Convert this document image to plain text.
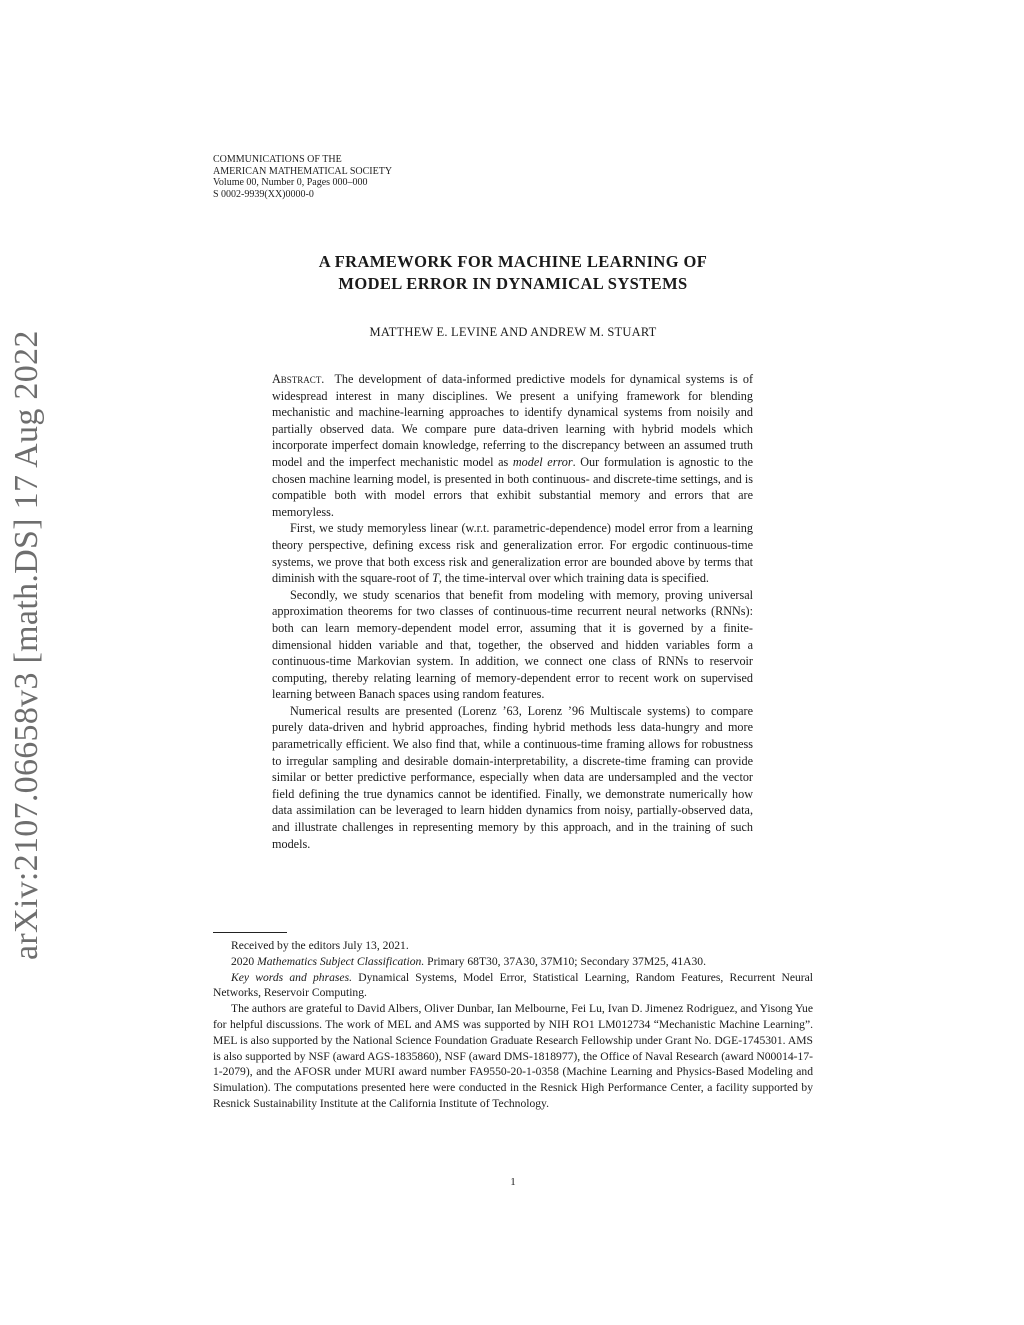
arXiv:2107.06658v3 [math.DS] 17 Aug 2022
COMMUNICATIONS OF THE
AMERICAN MATHEMATICAL SOCIETY
Volume 00, Number 0, Pages 000–000
S 0002-9939(XX)0000-0
A FRAMEWORK FOR MACHINE LEARNING OF
MODEL ERROR IN DYNAMICAL SYSTEMS
MATTHEW E. LEVINE AND ANDREW M. STUART

Abstract. The development of data-informed predictive models for dynamical systems is of widespread interest in many disciplines. We present a unifying framework for blending mechanistic and machine-learning approaches to identify dynamical systems from noisily and partially observed data. We compare pure data-driven learning with hybrid models which incorporate imperfect domain knowledge, referring to the discrepancy between an assumed truth model and the imperfect mechanistic model as model error. Our formulation is agnostic to the chosen machine learning model, is presented in both continuous- and discrete-time settings, and is compatible both with model errors that exhibit substantial memory and errors that are memoryless.

First, we study memoryless linear (w.r.t. parametric-dependence) model error from a learning theory perspective, defining excess risk and generalization error. For ergodic continuous-time systems, we prove that both excess risk and generalization error are bounded above by terms that diminish with the square-root of T, the time-interval over which training data is specified.

Secondly, we study scenarios that benefit from modeling with memory, proving universal approximation theorems for two classes of continuous-time recurrent neural networks (RNNs): both can learn memory-dependent model error, assuming that it is governed by a finite-dimensional hidden variable and that, together, the observed and hidden variables form a continuous-time Markovian system. In addition, we connect one class of RNNs to reservoir computing, thereby relating learning of memory-dependent error to recent work on supervised learning between Banach spaces using random features.

Numerical results are presented (Lorenz ’63, Lorenz ’96 Multiscale systems) to compare purely data-driven and hybrid approaches, finding hybrid methods less data-hungry and more parametrically efficient. We also find that, while a continuous-time framing allows for robustness to irregular sampling and desirable domain-interpretability, a discrete-time framing can provide similar or better predictive performance, especially when data are undersampled and the vector field defining the true dynamics cannot be identified. Finally, we demonstrate numerically how data assimilation can be leveraged to learn hidden dynamics from noisy, partially-observed data, and illustrate challenges in representing memory by this approach, and in the training of such models.

Received by the editors July 13, 2021.

2020 Mathematics Subject Classification. Primary 68T30, 37A30, 37M10; Secondary 37M25, 41A30.

Key words and phrases. Dynamical Systems, Model Error, Statistical Learning, Random Features, Recurrent Neural Networks, Reservoir Computing.

The authors are grateful to David Albers, Oliver Dunbar, Ian Melbourne, Fei Lu, Ivan D. Jimenez Rodriguez, and Yisong Yue for helpful discussions. The work of MEL and AMS was supported by NIH RO1 LM012734 “Mechanistic Machine Learning”. MEL is also supported by the National Science Foundation Graduate Research Fellowship under Grant No. DGE-1745301. AMS is also supported by NSF (award AGS-1835860), NSF (award DMS-1818977), the Office of Naval Research (award N00014-17-1-2079), and the AFOSR under MURI award number FA9550-20-1-0358 (Machine Learning and Physics-Based Modeling and Simulation). The computations presented here were conducted in the Resnick High Performance Center, a facility supported by Resnick Sustainability Institute at the California Institute of Technology.

1
